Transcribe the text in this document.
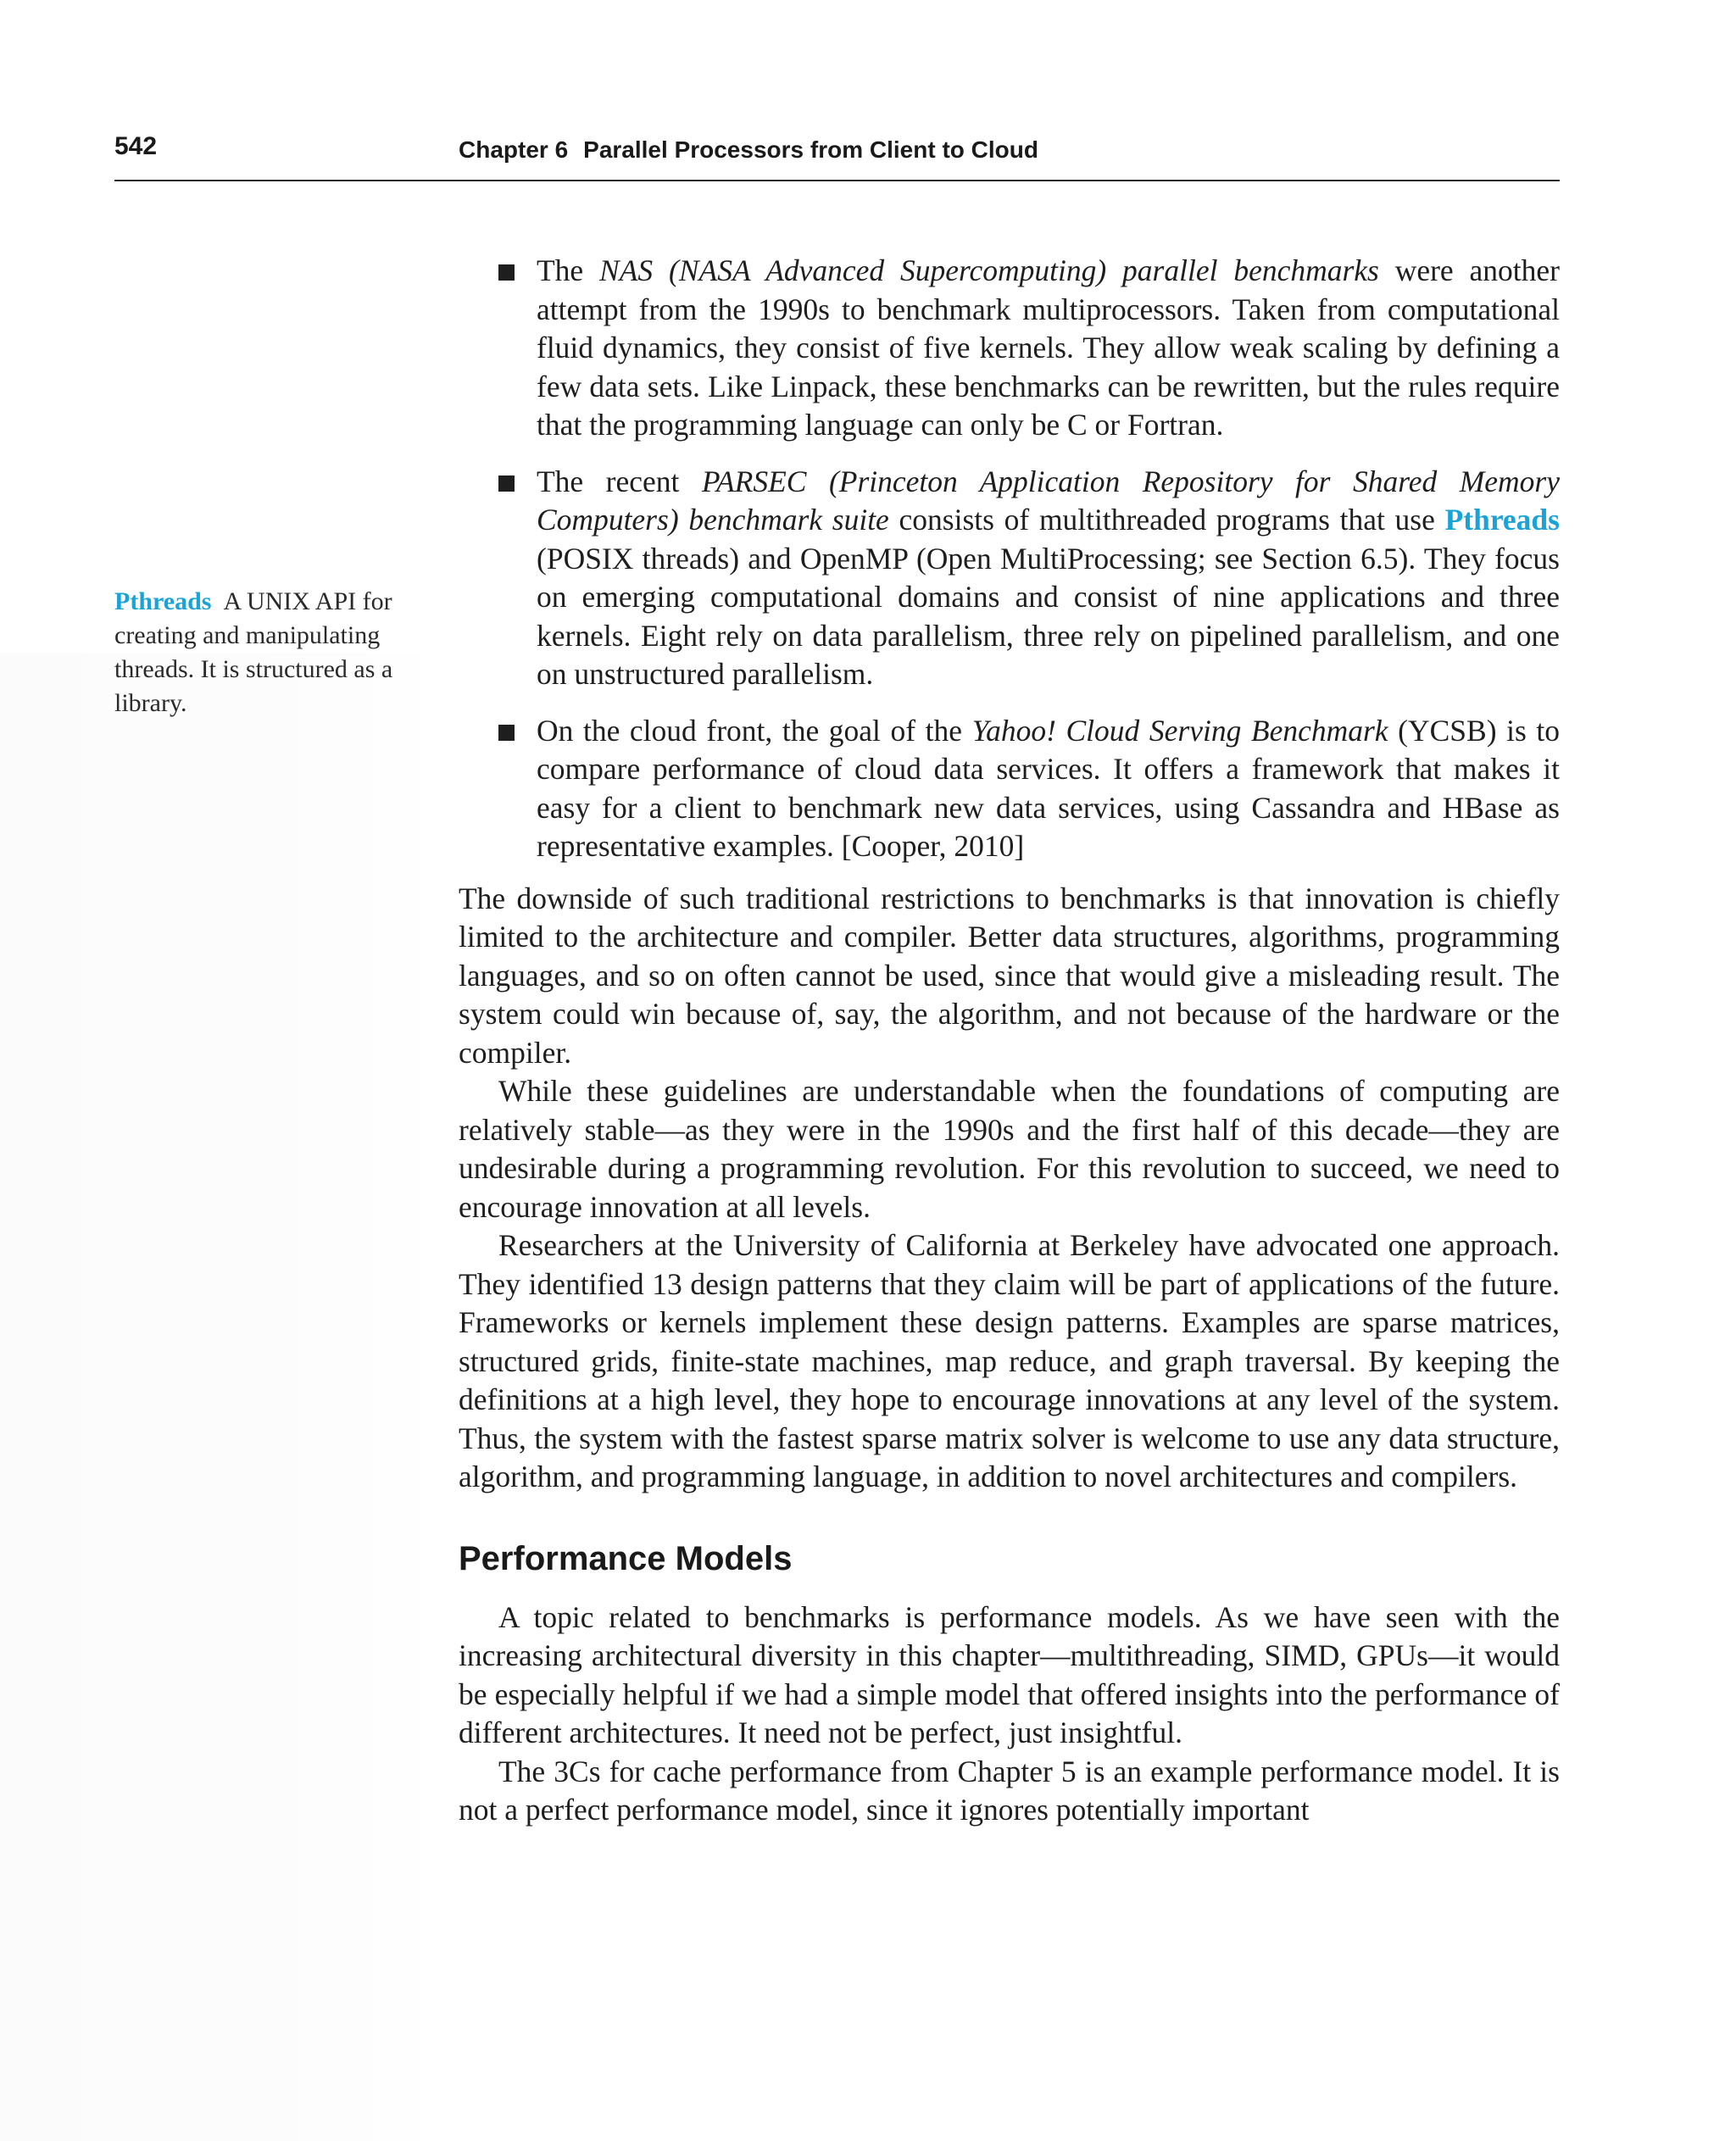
542	Chapter 6 Parallel Processors from Client to Cloud
Pthreads A UNIX API for creating and manipulating threads. It is structured as a library.
The NAS (NASA Advanced Supercomputing) parallel benchmarks were another attempt from the 1990s to benchmark multiprocessors. Taken from computational fluid dynamics, they consist of five kernels. They allow weak scaling by defining a few data sets. Like Linpack, these benchmarks can be rewritten, but the rules require that the programming language can only be C or Fortran.
The recent PARSEC (Princeton Application Repository for Shared Memory Computers) benchmark suite consists of multithreaded programs that use Pthreads (POSIX threads) and OpenMP (Open MultiProcessing; see Section 6.5). They focus on emerging computational domains and consist of nine applications and three kernels. Eight rely on data parallelism, three rely on pipelined parallelism, and one on unstructured parallelism.
On the cloud front, the goal of the Yahoo! Cloud Serving Benchmark (YCSB) is to compare performance of cloud data services. It offers a framework that makes it easy for a client to benchmark new data services, using Cassandra and HBase as representative examples. [Cooper, 2010]

The downside of such traditional restrictions to benchmarks is that innovation is chiefly limited to the architecture and compiler. Better data structures, algorithms, programming languages, and so on often cannot be used, since that would give a misleading result. The system could win because of, say, the algorithm, and not because of the hardware or the compiler.

While these guidelines are understandable when the foundations of computing are relatively stable—as they were in the 1990s and the first half of this decade—they are undesirable during a programming revolution. For this revolution to succeed, we need to encourage innovation at all levels.

Researchers at the University of California at Berkeley have advocated one approach. They identified 13 design patterns that they claim will be part of applications of the future. Frameworks or kernels implement these design patterns. Examples are sparse matrices, structured grids, finite-state machines, map reduce, and graph traversal. By keeping the definitions at a high level, they hope to encourage innovations at any level of the system. Thus, the system with the fastest sparse matrix solver is welcome to use any data structure, algorithm, and programming language, in addition to novel architectures and compilers.

Performance Models

A topic related to benchmarks is performance models. As we have seen with the increasing architectural diversity in this chapter—multithreading, SIMD, GPUs—it would be especially helpful if we had a simple model that offered insights into the performance of different architectures. It need not be perfect, just insightful.

The 3Cs for cache performance from Chapter 5 is an example performance model. It is not a perfect performance model, since it ignores potentially important
